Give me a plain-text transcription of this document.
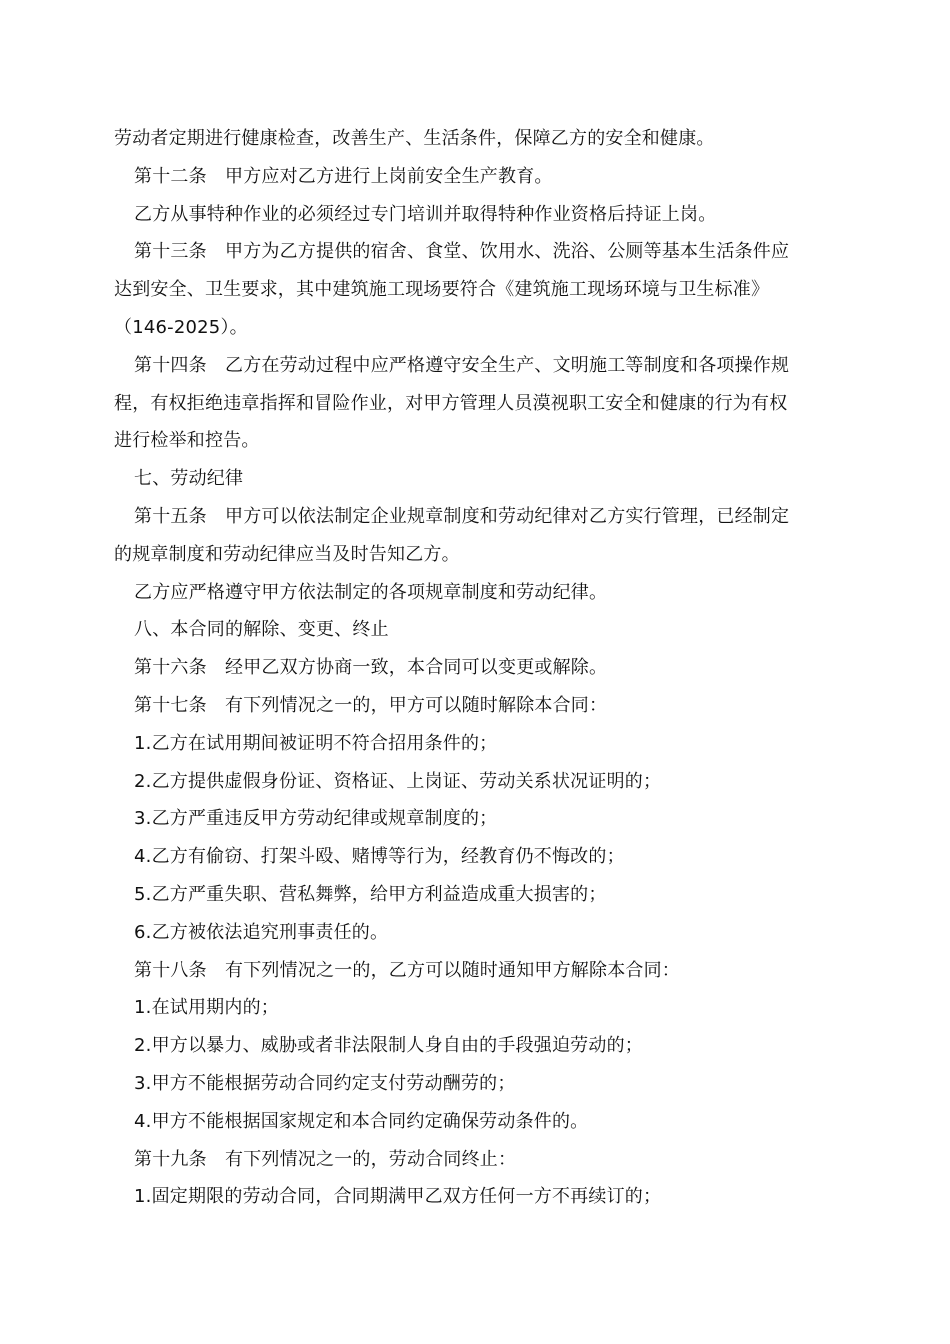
劳动者定期进行健康检查，改善生产、生活条件，保障乙方的安全和健康。
第十二条　甲方应对乙方进行上岗前安全生产教育。
乙方从事特种作业的必须经过专门培训并取得特种作业资格后持证上岗。
第十三条　甲方为乙方提供的宿舍、食堂、饮用水、洗浴、公厕等基本生活条件应
达到安全、卫生要求，其中建筑施工现场要符合《建筑施工现场环境与卫生标准》
（146-2025）。
第十四条　乙方在劳动过程中应严格遵守安全生产、文明施工等制度和各项操作规
程，有权拒绝违章指挥和冒险作业，对甲方管理人员漠视职工安全和健康的行为有权
进行检举和控告。
七、劳动纪律
第十五条　甲方可以依法制定企业规章制度和劳动纪律对乙方实行管理，已经制定
的规章制度和劳动纪律应当及时告知乙方。
乙方应严格遵守甲方依法制定的各项规章制度和劳动纪律。
八、本合同的解除、变更、终止
第十六条　经甲乙双方协商一致，本合同可以变更或解除。
第十七条　有下列情况之一的，甲方可以随时解除本合同：
1.乙方在试用期间被证明不符合招用条件的；
2.乙方提供虚假身份证、资格证、上岗证、劳动关系状况证明的；
3.乙方严重违反甲方劳动纪律或规章制度的；
4.乙方有偷窃、打架斗殴、赌博等行为，经教育仍不悔改的；
5.乙方严重失职、营私舞弊，给甲方利益造成重大损害的；
6.乙方被依法追究刑事责任的。
第十八条　有下列情况之一的，乙方可以随时通知甲方解除本合同：
1.在试用期内的；
2.甲方以暴力、威胁或者非法限制人身自由的手段强迫劳动的；
3.甲方不能根据劳动合同约定支付劳动酬劳的；
4.甲方不能根据国家规定和本合同约定确保劳动条件的。
第十九条　有下列情况之一的，劳动合同终止：
1.固定期限的劳动合同，合同期满甲乙双方任何一方不再续订的；
